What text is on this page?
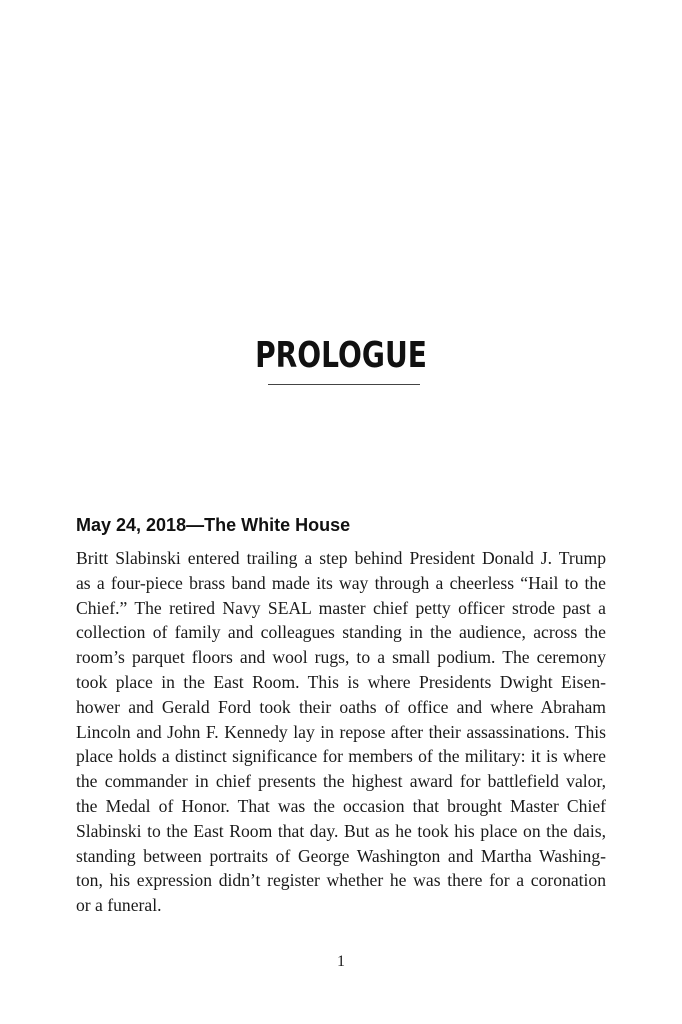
PROLOGUE
May 24, 2018—The White House
Britt Slabinski entered trailing a step behind President Donald J. Trump
as a four-piece brass band made its way through a cheerless “Hail to the
Chief.” The retired Navy SEAL master chief petty officer strode past a
collection of family and colleagues standing in the audience, across the
room’s parquet floors and wool rugs, to a small podium. The ceremony
took place in the East Room. This is where Presidents Dwight Eisen-
hower and Gerald Ford took their oaths of office and where Abraham
Lincoln and John F. Kennedy lay in repose after their assassinations. This
place holds a distinct significance for members of the military: it is where
the commander in chief presents the highest award for battlefield valor,
the Medal of Honor. That was the occasion that brought Master Chief
Slabinski to the East Room that day. But as he took his place on the dais,
standing between portraits of George Washington and Martha Washing-
ton, his expression didn’t register whether he was there for a coronation
or a funeral.
1
